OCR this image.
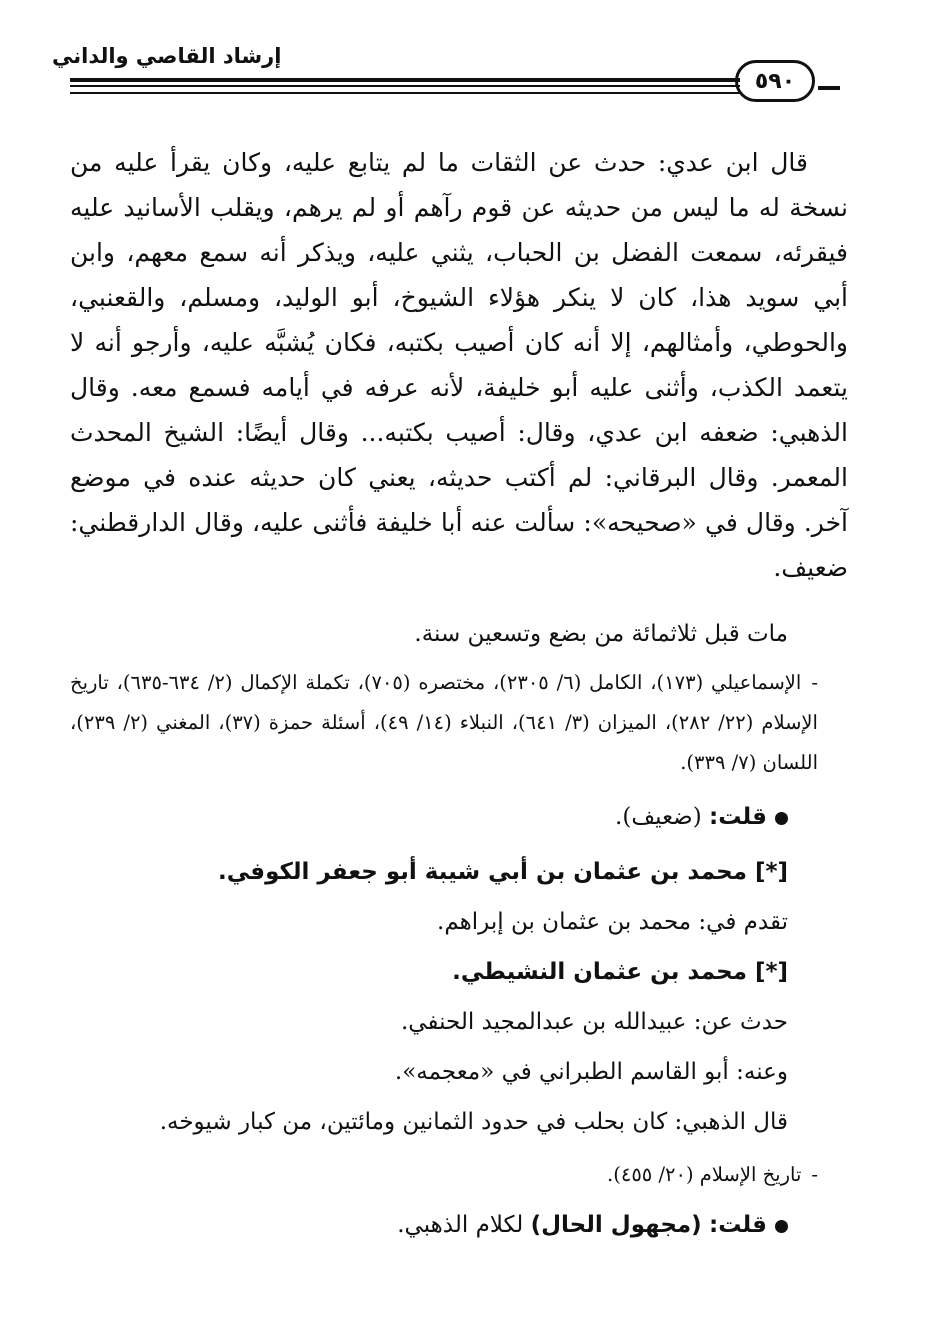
إرشاد القاصي والداني
٥٩٠

قال ابن عدي: حدث عن الثقات ما لم يتابع عليه، وكان يقرأ عليه من نسخة له ما ليس من حديثه عن قوم رآهم أو لم يرهم، ويقلب الأسانيد عليه فيقرئه، سمعت الفضل بن الحباب، يثني عليه، ويذكر أنه سمع معهم، وابن أبي سويد هذا، كان لا ينكر هؤلاء الشيوخ، أبو الوليد، ومسلم، والقعنبي، والحوطي، وأمثالهم، إلا أنه كان أصيب بكتبه، فكان يُشبَّه عليه، وأرجو أنه لا يتعمد الكذب، وأثنى عليه أبو خليفة، لأنه عرفه في أيامه فسمع معه. وقال الذهبي: ضعفه ابن عدي، وقال: أصيب بكتبه... وقال أيضًا: الشيخ المحدث المعمر. وقال البرقاني: لم أكتب حديثه، يعني كان حديثه عنده في موضع آخر. وقال في «صحيحه»: سألت عنه أبا خليفة فأثنى عليه، وقال الدارقطني: ضعيف.

مات قبل ثلاثمائة من بضع وتسعين سنة.
-الإسماعيلي (١٧٣)، الكامل (٦/ ٢٣٠٥)، مختصره (٧٠٥)، تكملة الإكمال (٢/ ٦٣٤-٦٣٥)، تاريخ الإسلام (٢٢/ ٢٨٢)، الميزان (٣/ ٦٤١)، النبلاء (١٤/ ٤٩)، أسئلة حمزة (٣٧)، المغني (٢/ ٢٣٩)، اللسان (٧/ ٣٣٩).
قلت: (ضعيف).
[*] محمد بن عثمان بن أبي شيبة أبو جعفر الكوفي.
تقدم في: محمد بن عثمان بن إبراهم.
[*] محمد بن عثمان النشيطي.
حدث عن: عبيدالله بن عبدالمجيد الحنفي.
وعنه: أبو القاسم الطبراني في «معجمه».
قال الذهبي: كان بحلب في حدود الثمانين ومائتين، من كبار شيوخه.
-تاريخ الإسلام (٢٠/ ٤٥٥).
قلت: (مجهول الحال) لكلام الذهبي.
